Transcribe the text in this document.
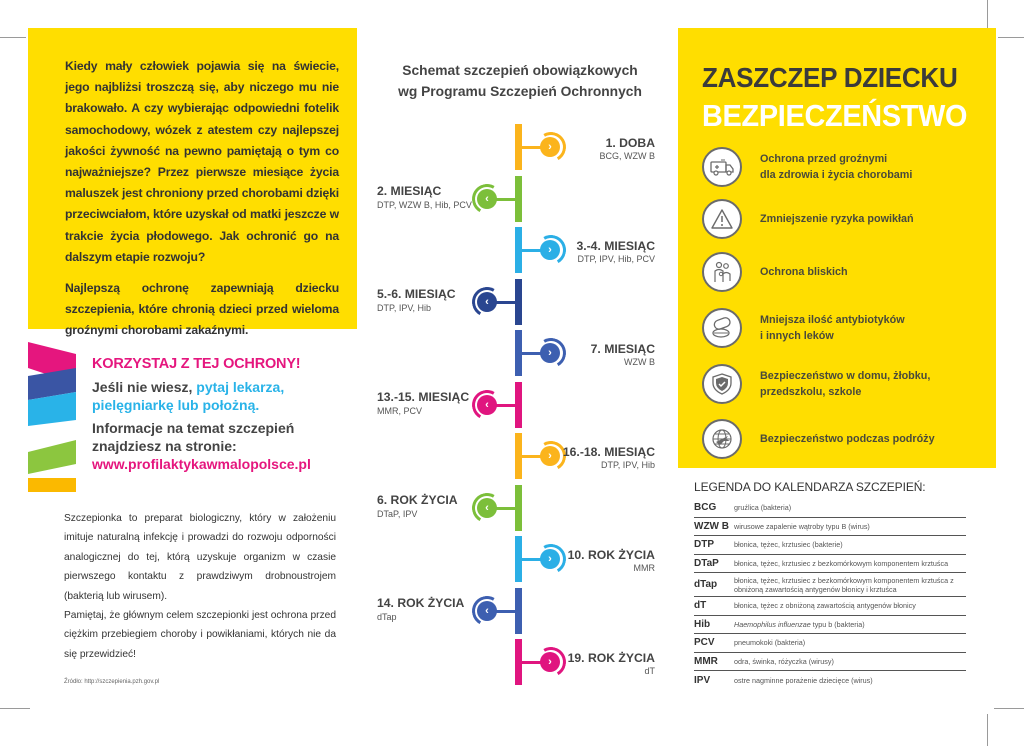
Kiedy mały człowiek pojawia się na świecie, jego najbliżsi troszczą się, aby niczego mu nie brakowało. A czy wybierając odpowiedni fotelik samochodowy, wózek z atestem czy najlepszej jakości żywność na pewno pamiętają o tym co najważniejsze? Przez pierwsze miesiące życia maluszek jest chroniony przed chorobami dzięki przeciwciałom, które uzyskał od matki jeszcze w trakcie życia płodowego. Jak ochronić go na dalszym etapie rozwoju?

Najlepszą ochronę zapewniają dziecku szczepienia, które chronią dzieci przed wieloma groźnymi chorobami zakaźnymi.

KORZYSTAJ Z TEJ OCHRONY!
Jeśli nie wiesz, pytaj lekarza, pielęgniarkę lub położną.
Informacje na temat szczepień znajdziesz na stronie:
www.profilaktykawmalopolsce.pl

Szczepionka to preparat biologiczny, który w założeniu imituje naturalną infekcję i prowadzi do rozwoju odporności analogicznej do tej, którą uzyskuje organizm w czasie pierwszego kontaktu z prawdziwym drobnoustrojem (bakterią lub wirusem).

Pamiętaj, że głównym celem szczepionki jest ochrona przed ciężkim przebiegiem choroby i powikłaniami, których nie da się przewidzieć!

Źródło: http://szczepienia.pzh.gov.pl
Schemat szczepień obowiązkowych
wg Programu Szczepień Ochronnych
›	1. DOBA
BCG, WZW B
‹
2. MIESIĄC
DTP, WZW B, Hib, PCV
›	3.-4. MIESIĄC
DTP, IPV, Hib, PCV
‹
5.-6. MIESIĄC
DTP, IPV, Hib
›	7. MIESIĄC
WZW B
‹
13.-15. MIESIĄC
MMR, PCV
› 16.-18. MIESIĄC
DTP, IPV, Hib
‹
6. ROK ŻYCIA
DTaP, IPV
›	10. ROK ŻYCIA
MMR
‹
14. ROK ŻYCIA
dTap
›	19. ROK ŻYCIA
dT
ZASZCZEP DZIECKU
BEZPIECZEŃSTWO
Ochrona przed groźnymi
dla zdrowia i życia chorobami
Zmniejszenie ryzyka powikłań
Ochrona bliskich
Mniejsza ilość antybiotyków
i innych leków
Bezpieczeństwo w domu, żłobku,
przedszkolu, szkole
Bezpieczeństwo podczas podróży
LEGENDA DO KALENDARZA SZCZEPIEŃ:
BCG	gruźlica (bakteria)
WZW B wirusowe zapalenie wątroby typu B (wirus)
DTP	błonica, tężec, krztusiec (bakterie)
DTaP	błonica, tężec, krztusiec z bezkomórkowym komponentem krztuśca
dTap	błonica, tężec, krztusiec z bezkomórkowym komponentem krztuśca z obniżoną zawartością antygenów błonicy i krztuśca
dT	błonica, tężec z obniżoną zawartością antygenów błonicy
Hib	Haemophilus influenzae typu b (bakteria)
PCV	pneumokoki (bakteria)
MMR	odra, świnka, różyczka (wirusy)
IPV	ostre nagminne porażenie dziecięce (wirus)
